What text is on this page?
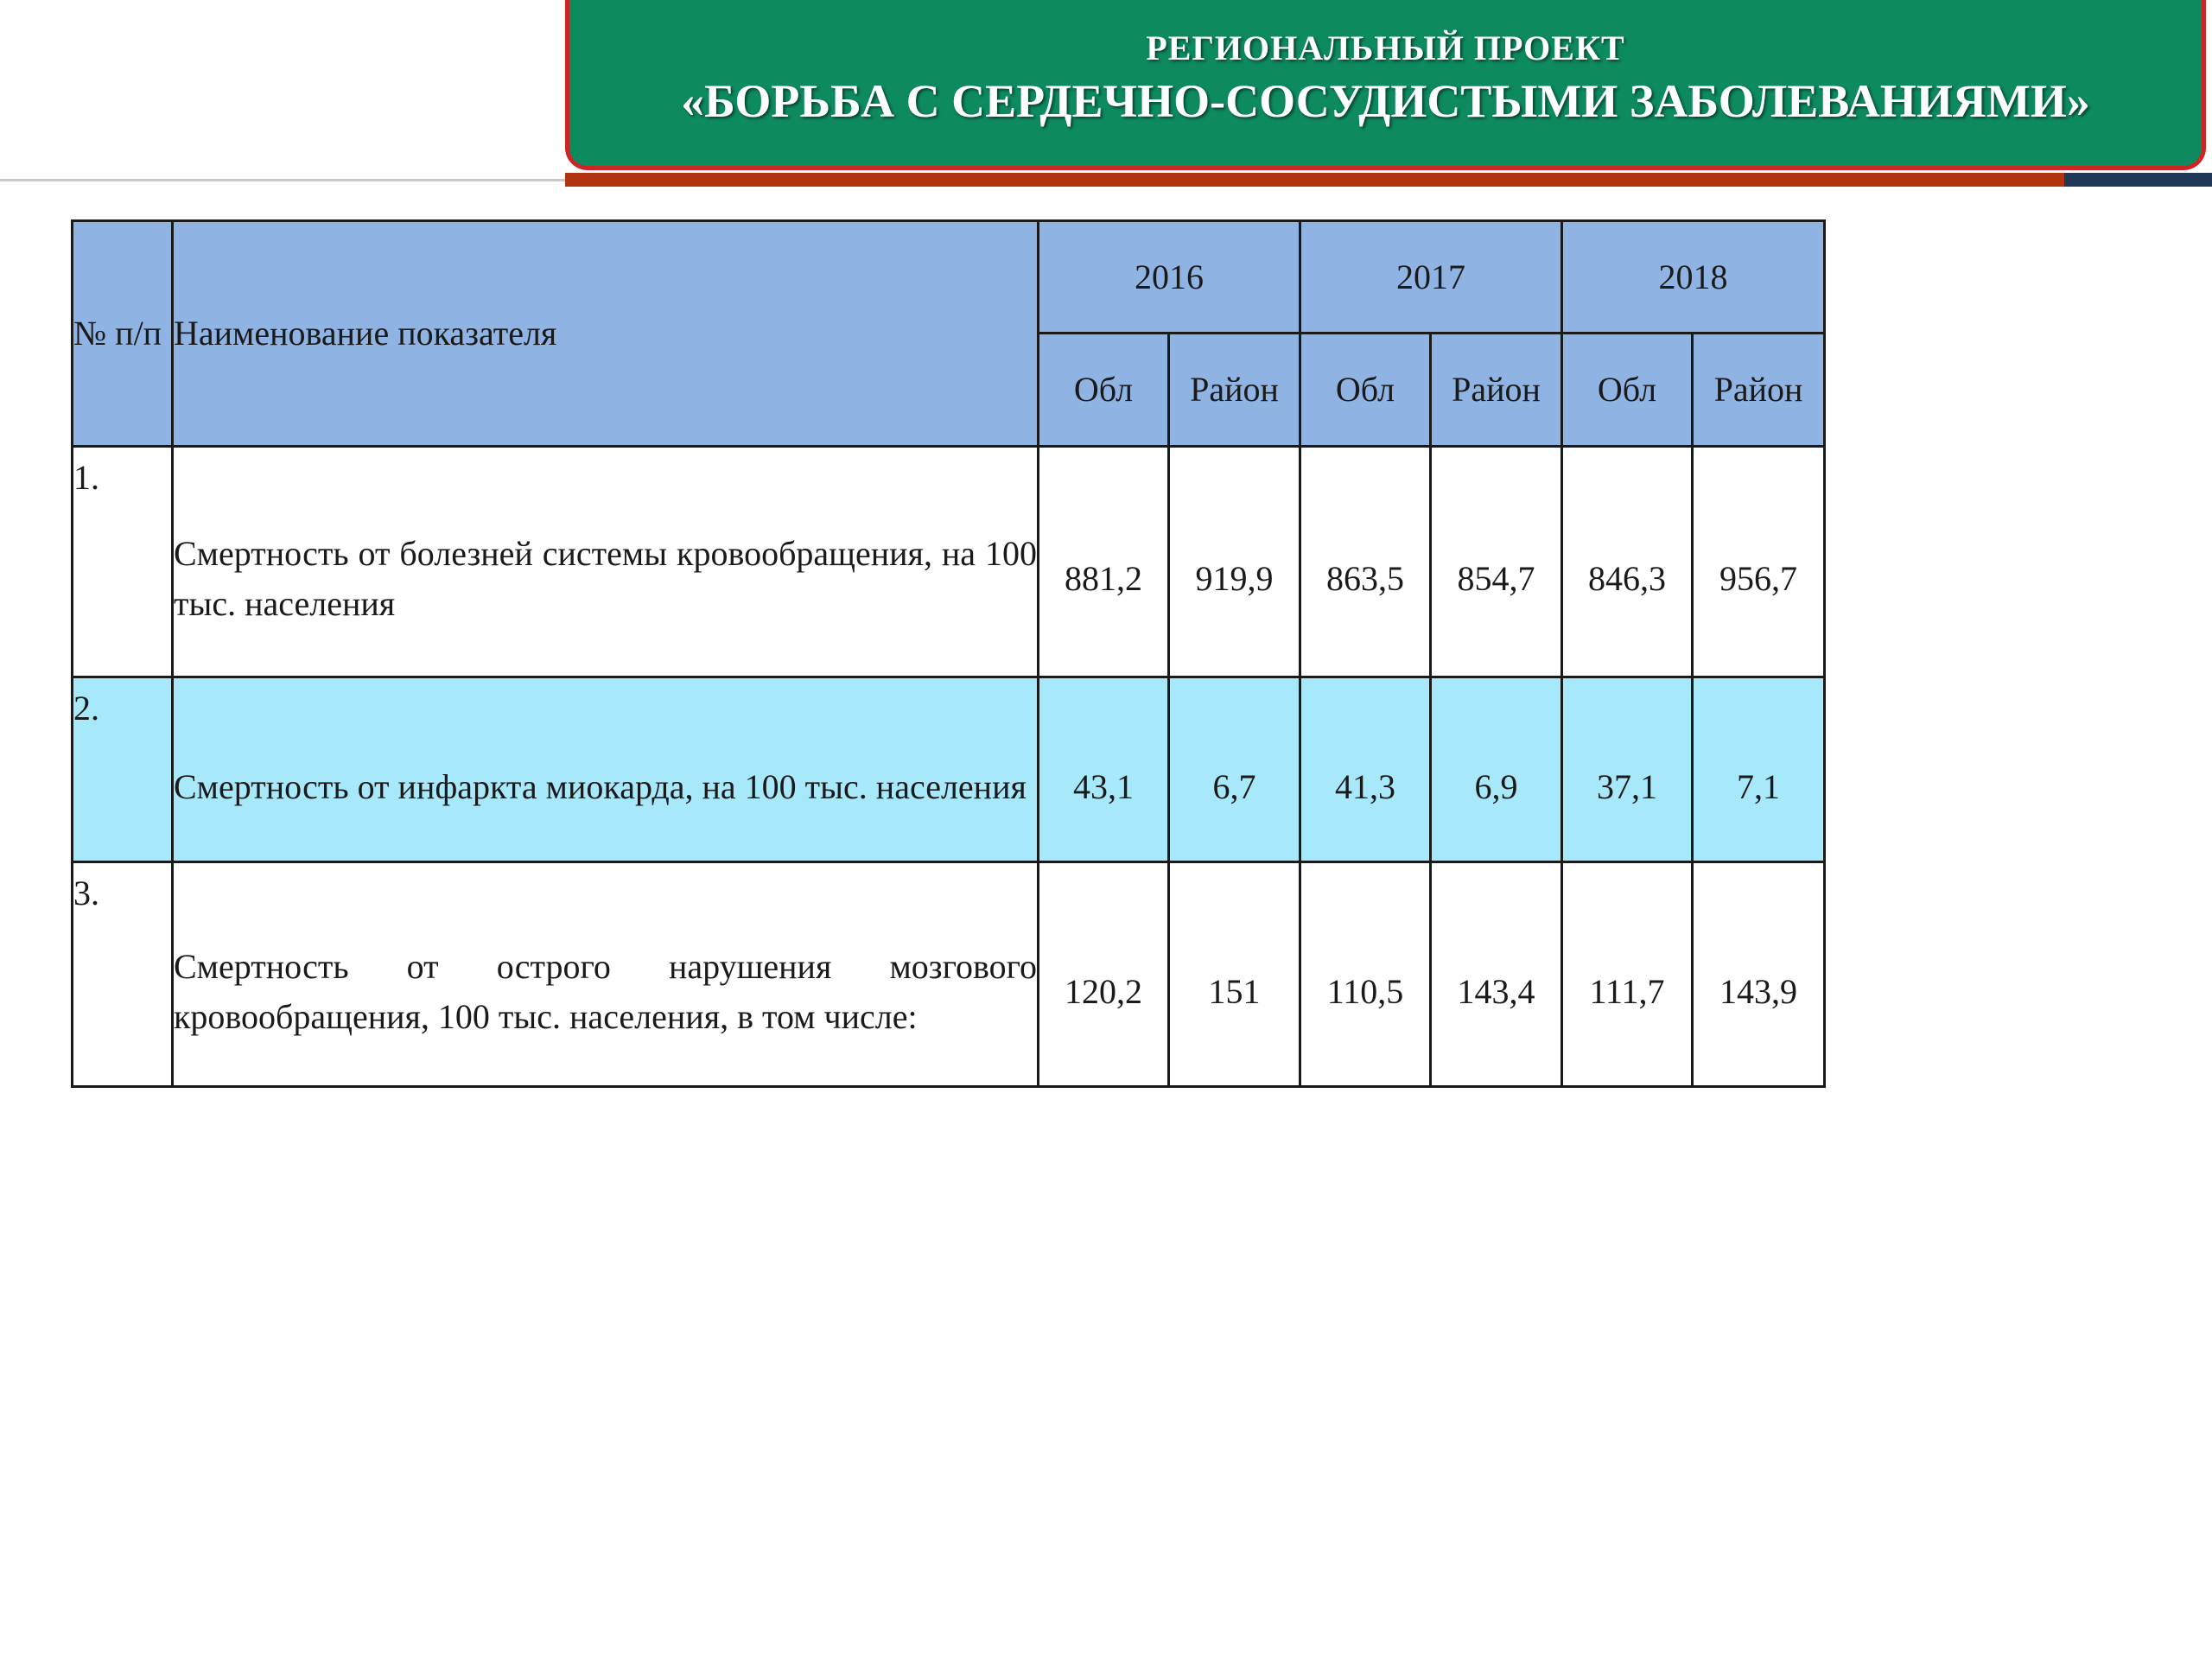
РЕГИОНАЛЬНЫЙ ПРОЕКТ
«БОРЬБА С СЕРДЕЧНО-СОСУДИСТЫМИ ЗАБОЛЕВАНИЯМИ»
№ п/п	Наименование показателя	2016		2017		2018	
		Обл	Район	Обл	Район	Обл	Район
1.	Смертность от болезней системы кровообращения, на 100 тыс. населения	881,2	919,9	863,5	854,7	846,3	956,7
2.	Смертность от инфаркта миокарда, на 100 тыс. населения	43,1	6,7	41,3	6,9	37,1	7,1
3.	Смертность от острого нарушения мозгового кровообращения, 100 тыс. населения, в том числе:	120,2	151	110,5	143,4	111,7	143,9
